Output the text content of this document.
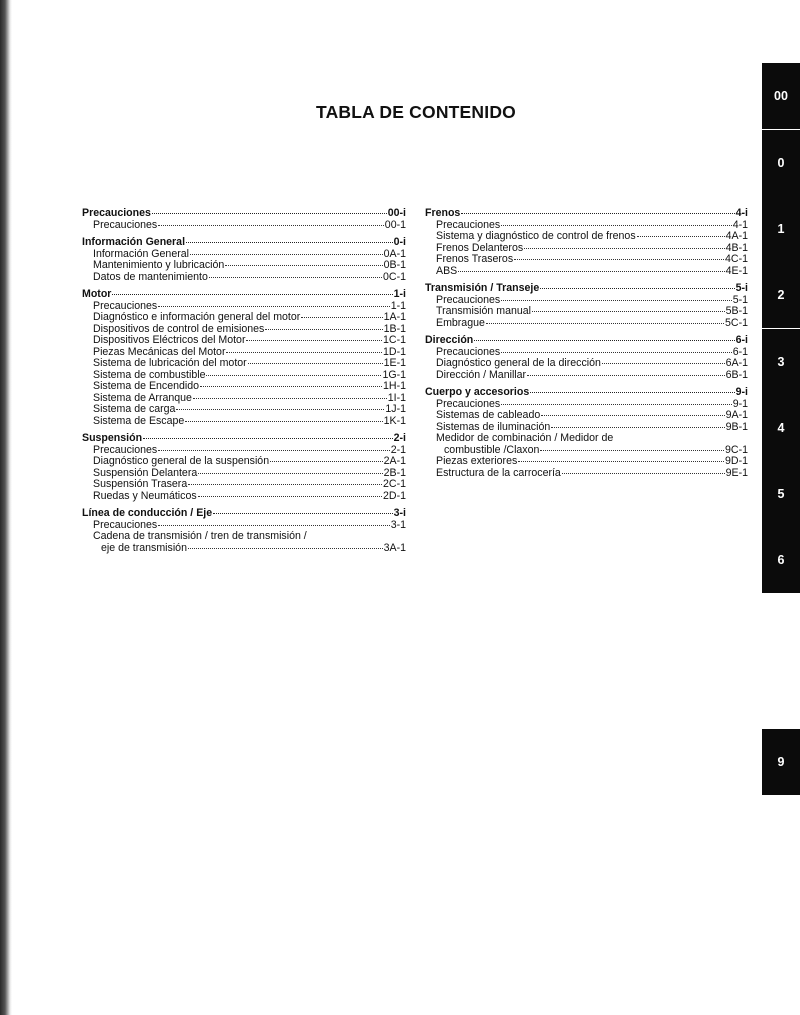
TABLA DE CONTENIDO
Precauciones	00-i
Precauciones	00-1
Información General	0-i
Información General	0A-1
Mantenimiento y lubricación	0B-1
Datos de mantenimiento	0C-1
Motor	1-i
Precauciones	1-1
Diagnóstico e información general del motor	1A-1
Dispositivos de control de emisiones	1B-1
Dispositivos Eléctricos del Motor	1C-1
Piezas Mecánicas del Motor	1D-1
Sistema de lubricación del motor	1E-1
Sistema de combustible	1G-1
Sistema de Encendido	1H-1
Sistema de Arranque	1I-1
Sistema de carga	1J-1
Sistema de Escape	1K-1
Suspensión	2-i
Precauciones	2-1
Diagnóstico general de la suspensión	2A-1
Suspensión Delantera	2B-1
Suspensión Trasera	2C-1
Ruedas y Neumáticos	2D-1
Línea de conducción / Eje	3-i
Precauciones	3-1
Cadena de transmisión / tren de transmisión /
eje de transmisión	3A-1
Frenos	4-i
Precauciones	4-1
Sistema y diagnóstico de control de frenos	4A-1
Frenos Delanteros	4B-1
Frenos Traseros	4C-1
ABS	4E-1
Transmisión / Transeje	5-i
Precauciones	5-1
Transmisión manual	5B-1
Embrague	5C-1
Dirección	6-i
Precauciones	6-1
Diagnóstico general de la dirección	6A-1
Dirección / Manillar	6B-1
Cuerpo y accesorios	9-i
Precauciones	9-1
Sistemas de cableado	9A-1
Sistemas de iluminación	9B-1
Medidor de combinación / Medidor de
combustible /Claxon	9C-1
Piezas exteriores	9D-1
Estructura de la carrocería	9E-1
00
0
1
2
3
4
5
6
9
